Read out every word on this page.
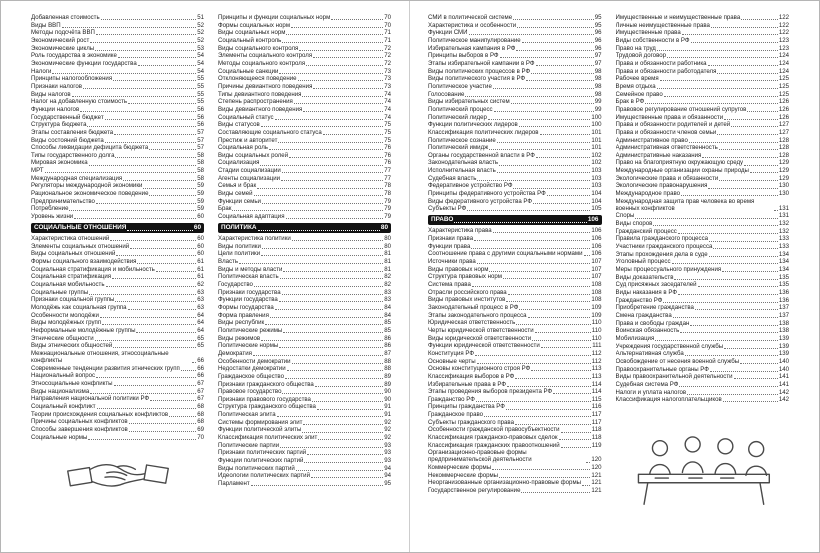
Добавленная стоимость	51
Виды ВВП	52
Методы подсчёта ВВП	52
Экономический рост	52
Экономические циклы	53
Роль государства в экономике	54
Экономические функции государства	54
Налоги	54
Принципы налогообложения	55
Признаки налогов	55
Виды налогов	55
Налог на добавленную стоимость	55
Функции налогов	56
Государственный бюджет	56
Структура бюджета	56
Этапы составления бюджета	57
Виды состояний бюджета	57
Способы ликвидации дефицита бюджета	57
Типы государственного долга	58
Мировая экономика	58
МРТ	58
Международная специализация	58
Регуляторы международной экономики	59
Рациональное экономическое поведение	59
Предпринимательство	59
Потребление	59
Уровень жизни	60
СОЦИАЛЬНЫЕ ОТНОШЕНИЯ	60
Характеристика отношений	60
Элементы социальных отношений	60
Виды социальных отношений	60
Формы социального взаимодействия	61
Социальная стратификация и мобильность	61
Социальная стратификация	61
Социальная мобильность	62
Социальные группы	63
Признаки социальной группы	63
Молодёжь как социальная группа	63
Особенности молодёжи	64
Виды молодёжных групп	64
Неформальные молодёжные группы	64
Этнические общности	65
Виды этнических общностей	65
Межнациональные отношения, этносоциальные конфликты	66
Современные тенденции развития этнических групп	66
Национальный вопрос	66
Этносоциальные конфликты	67
Виды национализма	67
Направления национальной политики РФ	67
Социальный конфликт	68
Теории происхождения социальных конфликтов	68
Причины социальных конфликтов	68
Способы завершения конфликтов	69
Социальные нормы	70
Принципы и функции социальных норм	70
Формы социальных норм	70
Виды социальных норм	71
Социальный контроль	71
Виды социального контроля	72
Элементы социального контроля	72
Методы социального контроля	72
Социальные санкции	73
Отклоняющееся поведение	73
Причины девиантного поведения	73
Типы девиантного поведения	74
Степень распространения	74
Виды девиантного поведения	74
Социальный статус	74
Виды статусов	75
Составляющие социального статуса	75
Престиж и авторитет	75
Социальная роль	76
Виды социальных ролей	76
Социализация	76
Стадии социализации	77
Агенты социализации	77
Семья и брак	78
Виды семей	78
Функции семьи	79
Брак	79
Социальная адаптация	79
ПОЛИТИКА	80
Характеристика политики	80
Виды политики	80
Цели политики	81
Власть	81
Виды и методы власти	81
Политическая власть	82
Государство	82
Признаки государства	83
Функции государства	83
Формы государства	84
Форма правления	84
Виды республик	85
Политические режимы	85
Виды режимов	86
Политические нормы	86
Демократия	87
Особенности демократии	88
Недостатки демократии	88
Гражданское общество	89
Признаки гражданского общества	89
Правовое государство	90
Признаки правового государства	90
Структура гражданского общества	91
Политическая элита	91
Системы формирования элит	92
Функции политической элиты	92
Классификация политических элит	92
Политические партии	93
Признаки политических партий	93
Функции политических партий	93
Виды политических партий	94
Идеологии политических партий	94
Парламент	95
СМИ в политической системе	95
Характеристика и особенности	95
Функции СМИ	96
Политическое манипулирование	96
Избирательная кампания в РФ	96
Принципы выборов в РФ	97
Этапы избирательной кампании в РФ	97
Виды политических процессов в РФ	98
Виды политического участия в РФ	98
Политическое участие	98
Голосование	98
Виды избирательных систем	99
Политический процесс	99
Политический лидер	100
Функции политических лидеров	100
Классификация политических лидеров	101
Политическое сознание	101
Политический имидж	101
Органы государственной власти в РФ	102
Законодательная власть	102
Исполнительная власть	103
Судебная власть	103
Федеративное устройство РФ	103
Принципы федеративного устройства РФ	104
Виды федеративного устройства РФ	104
Субъекты РФ	105
ПРАВО	106
Характеристика права	106
Признаки права	106
Функции права	106
Соотношение права с другими социальными нормами 106
Источники права	107
Виды правовых норм	107
Структура правовых норм	107
Система права	108
Отрасли российского права	108
Виды правовых институтов	108
Законодательный процесс в РФ	109
Этапы законодательного процесса	109
Юридическая ответственность	110
Черты юридической ответственности	110
Виды юридической ответственности	110
Функции юридической ответственности	111
Конституция РФ	112
Основные черты	112
Основы конституционного строя РФ	113
Классификация выборов в РФ	113
Избирательные права в РФ	114
Этапы проведения выборов президента РФ	114
Гражданство РФ	115
Принципы гражданства РФ	116
Гражданское право	117
Субъекты гражданского права	117
Особенности гражданской правосубъектности	118
Классификация гражданско-правовых сделок	118
Классификация гражданских правоотношений	119
Организационно-правовые формы предпринимательской деятельности	120
Коммерческие формы	120
Некоммерческие формы	121
Неорганизованные организационно-правовые формы 121
Государственное регулирование	121
Имущественные и неимущественные права	122
Личные неимущественные права	122
Имущественные права	122
Виды собственности в РФ	123
Право на труд	123
Трудовой договор	124
Права и обязанности работника	124
Права и обязанности работодателя	124
Рабочее время	125
Время отдыха	125
Семейное право	125
Брак в РФ	126
Правовое регулирование отношений супругов	126
Имущественные права и обязанности	126
Права и обязанности родителей и детей	127
Права и обязанности членов семьи	127
Административное право	128
Административная ответственность	128
Административные наказания	128
Право на благоприятную окружающую среду	129
Международные организации охраны природы	129
Экологические права и обязанности	129
Экологические правонарушения	130
Международное право	130
Международная защита прав человека во время военных конфликтов	131
Споры	131
Виды споров	132
Гражданский процесс	132
Правила гражданского процесса	133
Участники гражданского процесса	133
Этапы прохождения дела в суде	134
Уголовный процесс	134
Меры процессуального принуждения	134
Виды доказательств	135
Суд присяжных заседателей	135
Виды наказания в РФ	136
Гражданство РФ	136
Приобретение гражданства	137
Смена гражданства	137
Права и свободы граждан	138
Воинская обязанность	138
Мобилизация	139
Учреждения государственной службы	139
Альтернативная служба	139
Освобождение от несения военной службы	140
Правоохранительные органы РФ	140
Виды правоохранительной деятельности	141
Судебная система РФ	141
Налоги и уплата налогов	142
Классификация налогоплательщиков	142
